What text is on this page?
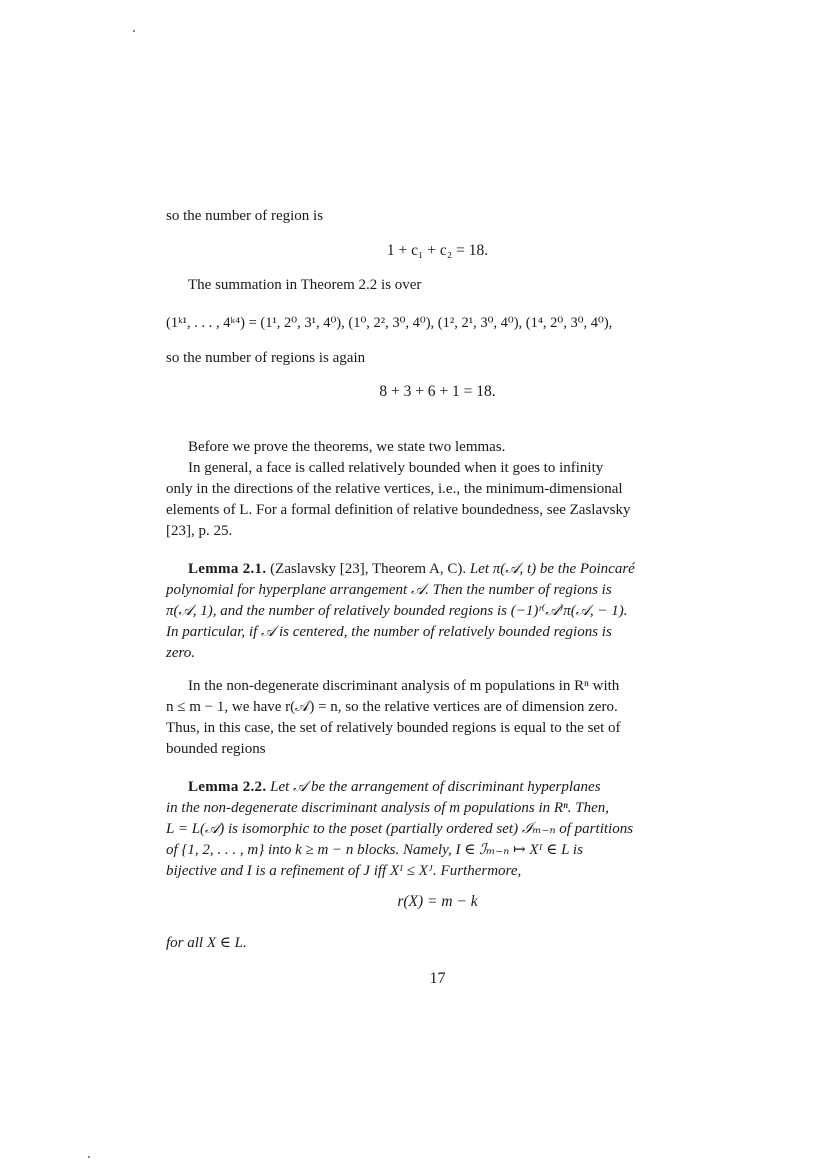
so the number of region is
1 + c₁ + c₂ = 18.
The summation in Theorem 2.2 is over
(1ᵏ¹, . . . , 4ᵏ⁴) = (1¹, 2⁰, 3¹, 4⁰), (1⁰, 2², 3⁰, 4⁰), (1², 2¹, 3⁰, 4⁰), (1⁴, 2⁰, 3⁰, 4⁰),
so the number of regions is again
8 + 3 + 6 + 1 = 18.
Before we prove the theorems, we state two lemmas.
In general, a face is called relatively bounded when it goes to infinity
only in the directions of the relative vertices, i.e., the minimum-dimensional
elements of L. For a formal definition of relative boundedness, see Zaslavsky
[23], p. 25.
Lemma 2.1. (Zaslavsky [23], Theorem A, C). Let π(𝒜, t) be the Poincaré
polynomial for hyperplane arrangement 𝒜. Then the number of regions is
π(𝒜, 1), and the number of relatively bounded regions is (−1)ʳ⁽𝒜⁾π(𝒜, − 1).
In particular, if 𝒜 is centered, the number of relatively bounded regions is
zero.
In the non-degenerate discriminant analysis of m populations in Rⁿ with
n ≤ m − 1, we have r(𝒜) = n, so the relative vertices are of dimension zero.
Thus, in this case, the set of relatively bounded regions is equal to the set of
bounded regions
Lemma 2.2. Let 𝒜 be the arrangement of discriminant hyperplanes
in the non-degenerate discriminant analysis of m populations in Rⁿ. Then,
L = L(𝒜) is isomorphic to the poset (partially ordered set) ℐₘ₋ₙ of partitions
of {1, 2, . . . , m} into k ≥ m − n blocks. Namely, I ∈ ℐₘ₋ₙ ↦ Xᴵ ∈ L is
bijective and I is a refinement of J iff Xᴵ ≤ Xᴶ. Furthermore,
r(X) = m − k
for all X ∈ L.
17
